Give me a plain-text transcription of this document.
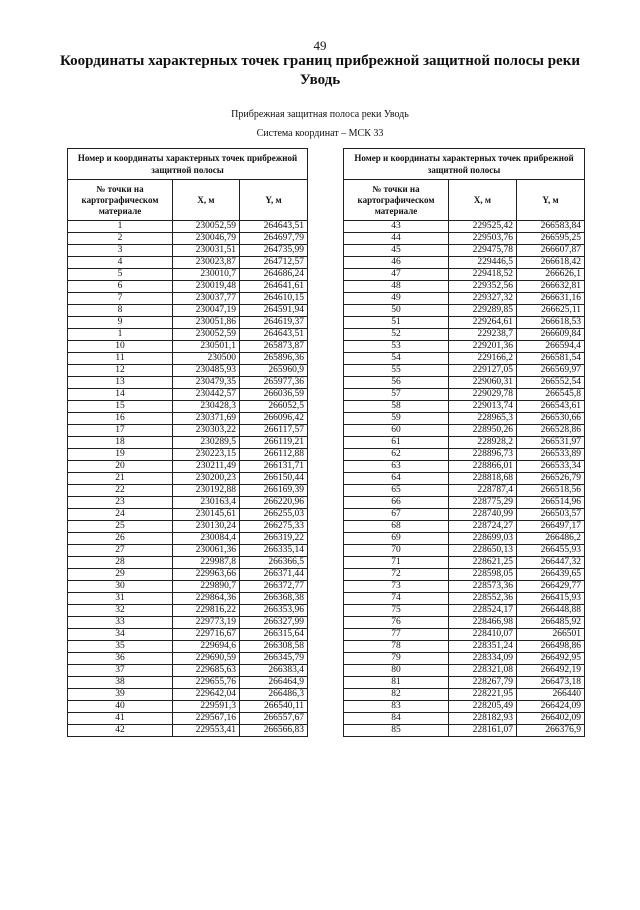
49
Координаты характерных точек границ прибрежной защитной полосы реки Уводь
Прибрежная защитная полоса реки Уводь
Система координат – МСК 33
Номер и координаты характерных точек прибрежной защитной полосы		
№ точки на картографическом материале	X, м	Y, м
1	230052,59	264643,51
2	230046,79	264697,79
3	230031,51	264735,99
4	230023,87	264712,57
5	230010,7	264686,24
6	230019,48	264641,61
7	230037,77	264610,15
8	230047,19	264591,94
9	230051,86	264619,37
1	230052,59	264643,51
10	230501,1	265873,87
11	230500	265896,36
12	230485,93	265960,9
13	230479,35	265977,36
14	230442,57	266036,59
15	230428,3	266052,5
16	230371,69	266096,42
17	230303,22	266117,57
18	230289,5	266119,21
19	230223,15	266112,88
20	230211,49	266131,71
21	230200,23	266150,44
22	230192,88	266169,39
23	230163,4	266220,96
24	230145,61	266255,03
25	230130,24	266275,33
26	230084,4	266319,22
27	230061,36	266335,14
28	229987,8	266366,5
29	229963,66	266371,44
30	229890,7	266372,77
31	229864,36	266368,38
32	229816,22	266353,96
33	229773,19	266327,99
34	229716,67	266315,64
35	229694,6	266308,58
36	229690,59	266345,79
37	229685,63	266383,4
38	229655,76	266464,9
39	229642,04	266486,3
40	229591,3	266540,11
41	229567,16	266557,67
42	229553,41	266566,83
Номер и координаты характерных точек прибрежной защитной полосы		
№ точки на картографическом материале	X, м	Y, м
43	229525,42	266583,84
44	229503,76	266595,25
45	229475,78	266607,87
46	229446,5	266618,42
47	229418,52	266626,1
48	229352,56	266632,81
49	229327,32	266631,16
50	229289,85	266625,11
51	229264,61	266618,53
52	229238,7	266609,84
53	229201,36	266594,4
54	229166,2	266581,54
55	229127,05	266569,97
56	229060,31	266552,54
57	229029,78	266545,8
58	229013,74	266543,61
59	228965,3	266530,66
60	228950,26	266528,86
61	228928,2	266531,97
62	228896,73	266533,89
63	228866,01	266533,34
64	228818,68	266526,79
65	228787,4	266518,56
66	228775,29	266514,96
67	228740,99	266503,57
68	228724,27	266497,17
69	228699,03	266486,2
70	228650,13	266455,93
71	228621,25	266447,32
72	228598,05	266439,65
73	228573,36	266429,77
74	228552,36	266415,93
75	228524,17	266448,88
76	228466,98	266485,92
77	228410,07	266501
78	228351,24	266498,86
79	228334,09	266492,95
80	228321,08	266492,19
81	228267,79	266473,18
82	228221,95	266440
83	228205,49	266424,09
84	228182,93	266402,09
85	228161,07	266376,9
